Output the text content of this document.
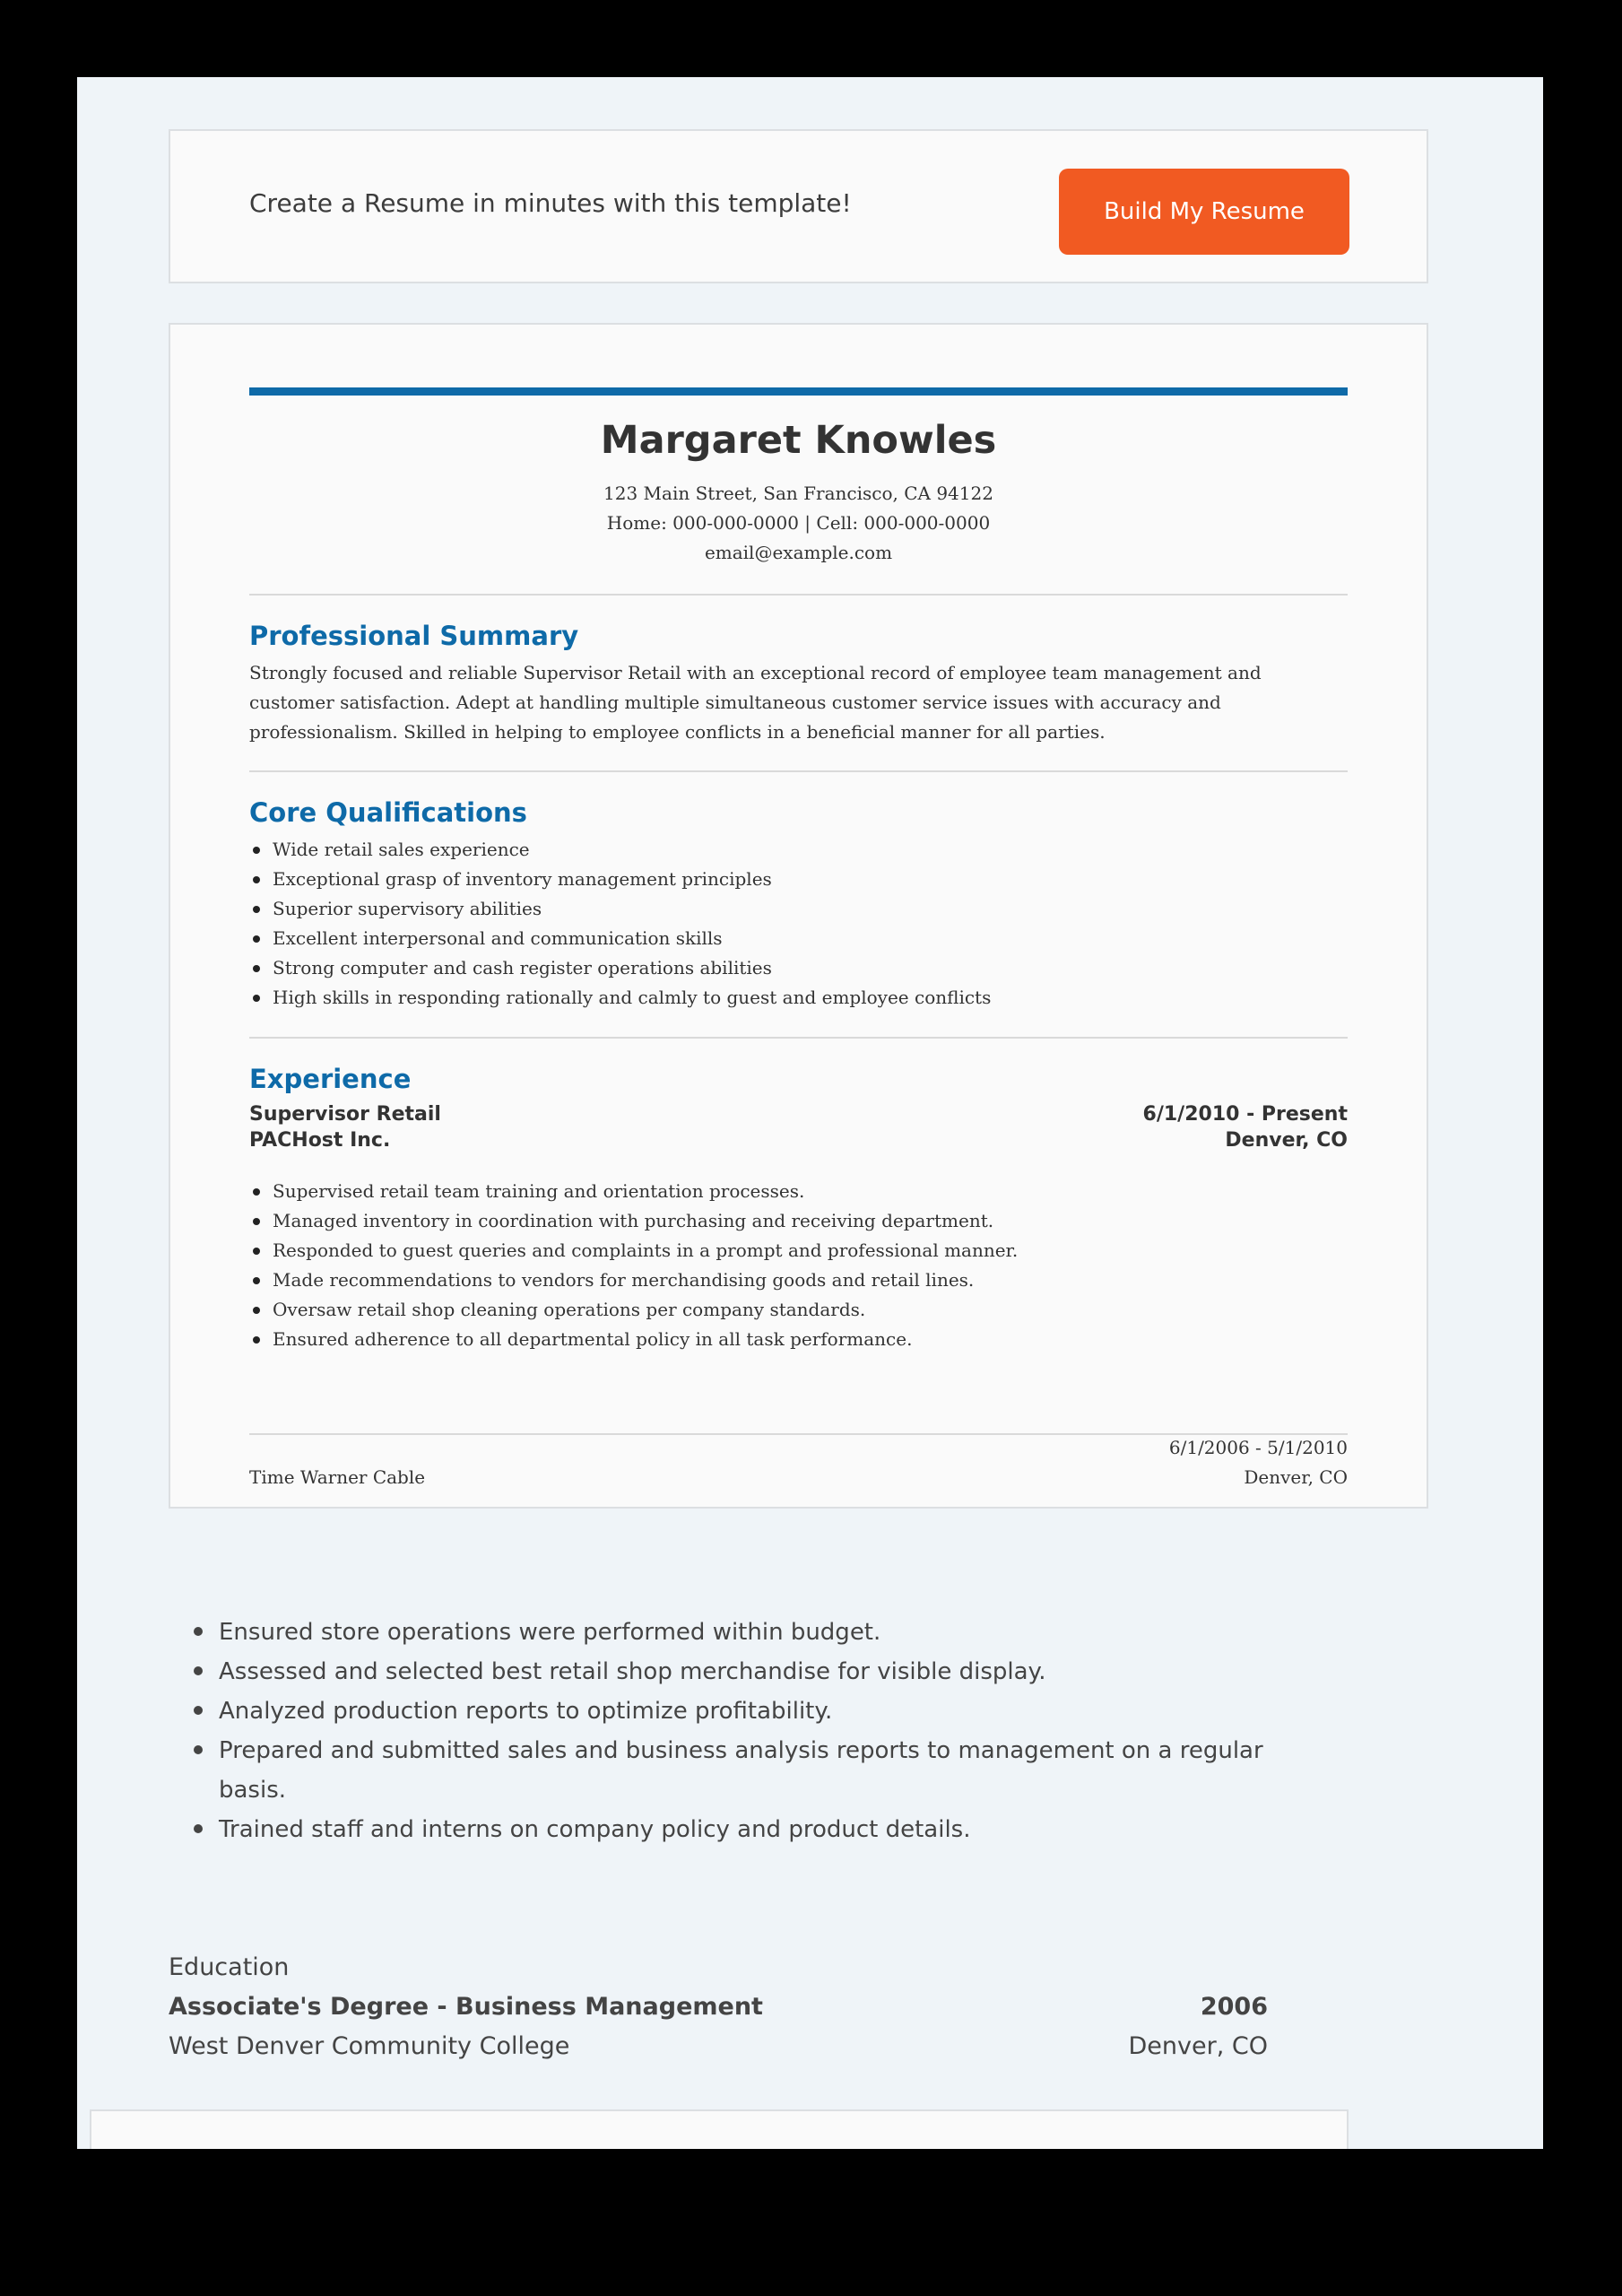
Create a Resume in minutes with this template!	Build My Resume
Margaret Knowles
123 Main Street, San Francisco, CA 94122
Home: 000-000-0000 | Cell: 000-000-0000
email@example.com
Professional Summary
Strongly focused and reliable Supervisor Retail with an exceptional record of employee team management and customer satisfaction. Adept at handling multiple simultaneous customer service issues with accuracy and professionalism. Skilled in helping to employee conflicts in a beneficial manner for all parties.
Core Qualifications
Wide retail sales experience
Exceptional grasp of inventory management principles
Superior supervisory abilities
Excellent interpersonal and communication skills
Strong computer and cash register operations abilities
High skills in responding rationally and calmly to guest and employee conflicts
Experience
Supervisor Retail	6/1/2010 - Present
PACHost Inc.	Denver, CO
Supervised retail team training and orientation processes.
Managed inventory in coordination with purchasing and receiving department.
Responded to guest queries and complaints in a prompt and professional manner.
Made recommendations to vendors for merchandising goods and retail lines.
Oversaw retail shop cleaning operations per company standards.
Ensured adherence to all departmental policy in all task performance.
6/1/2006 - 5/1/2010
Time Warner Cable	Denver, CO
Ensured store operations were performed within budget.
Assessed and selected best retail shop merchandise for visible display.
Analyzed production reports to optimize profitability.
Prepared and submitted sales and business analysis reports to management on a regular basis.
Trained staff and interns on company policy and product details.
Education
Associate's Degree - Business Management	2006
West Denver Community College	Denver, CO
